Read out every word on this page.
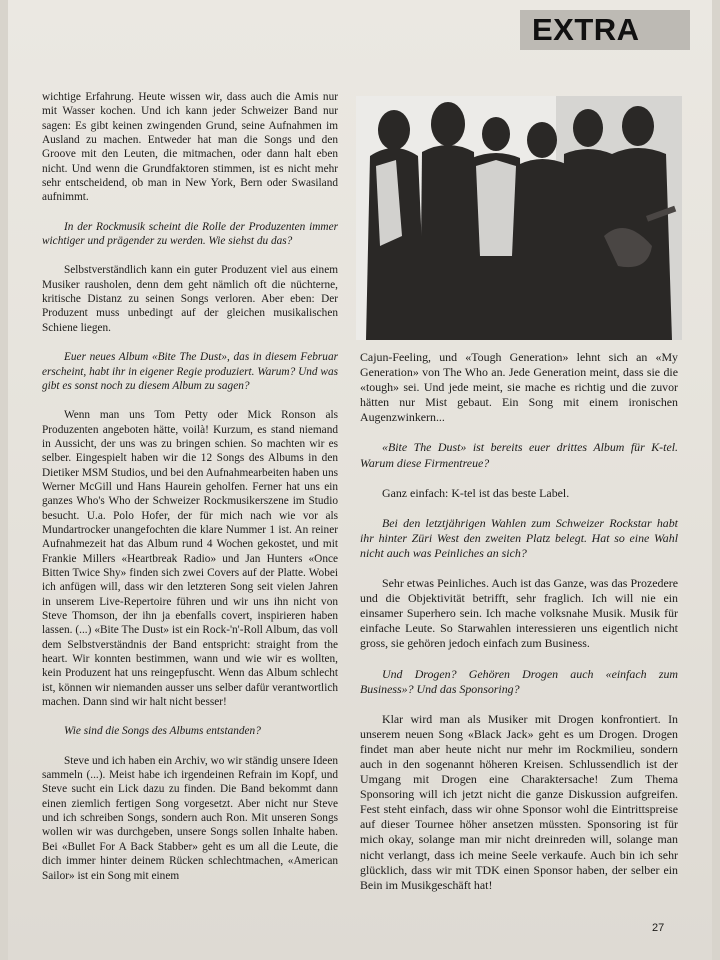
EXTRA

wichtige Erfahrung. Heute wissen wir, dass auch die Amis nur mit Wasser kochen. Und ich kann jeder Schweizer Band nur sagen: Es gibt keinen zwingenden Grund, seine Aufnahmen im Ausland zu machen. Entweder hat man die Songs und den Groove mit den Leuten, die mitmachen, oder dann halt eben nicht. Und wenn die Grundfaktoren stimmen, ist es nicht mehr sehr entscheidend, ob man in New York, Bern oder Swasiland aufnimmt.

In der Rockmusik scheint die Rolle der Produzenten immer wichtiger und prägender zu werden. Wie siehst du das?

Selbstverständlich kann ein guter Produzent viel aus einem Musiker rausholen, denn dem geht nämlich oft die nüchterne, kritische Distanz zu seinen Songs verloren. Aber eben: Der Produzent muss unbedingt auf der gleichen musikalischen Schiene liegen.

Euer neues Album «Bite The Dust», das in diesem Februar erscheint, habt ihr in eigener Regie produziert. Warum? Und was gibt es sonst noch zu diesem Album zu sagen?

Wenn man uns Tom Petty oder Mick Ronson als Produzenten angeboten hätte, voilà! Kurzum, es stand niemand in Aussicht, der uns was zu bringen schien. So machten wir es selber. Eingespielt haben wir die 12 Songs des Albums in den Dietiker MSM Studios, und bei den Aufnahmearbeiten haben uns Werner McGill und Hans Haurein geholfen. Ferner hat uns ein ganzes Who's Who der Schweizer Rockmusikerszene im Studio besucht. U.a. Polo Hofer, der für mich nach wie vor als Mundartrocker unangefochten die klare Nummer 1 ist. An reiner Aufnahmezeit hat das Album rund 4 Wochen gekostet, und mit Frankie Millers «Heartbreak Radio» und Jan Hunters «Once Bitten Twice Shy» finden sich zwei Covers auf der Platte. Wobei ich anfügen will, dass wir den letzteren Song seit vielen Jahren in unserem Live-Repertoire führen und wir uns ihn nicht von Steve Thomson, der ihn ja ebenfalls covert, inspirieren haben lassen. (...) «Bite The Dust» ist ein Rock-'n'-Roll Album, das voll dem Selbstverständnis der Band entspricht: straight from the heart. Wir konnten bestimmen, wann und wie wir es wollten, kein Produzent hat uns reingepfuscht. Wenn das Album schlecht ist, können wir niemanden ausser uns selber dafür verantwortlich machen. Dann sind wir halt nicht besser!

Wie sind die Songs des Albums entstanden?

Steve und ich haben ein Archiv, wo wir ständig unsere Ideen sammeln (...). Meist habe ich irgendeinen Refrain im Kopf, und Steve sucht ein Lick dazu zu finden. Die Band bekommt dann einen ziemlich fertigen Song vorgesetzt. Aber nicht nur Steve und ich schreiben Songs, sondern auch Ron. Mit unseren Songs wollen wir was durchgeben, unsere Songs sollen Inhalte haben. Bei «Bullet For A Back Stabber» geht es um all die Leute, die dich immer hinter deinem Rücken schlechtmachen, «American Sailor» ist ein Song mit einem

Cajun-Feeling, und «Tough Generation» lehnt sich an «My Generation» von The Who an. Jede Generation meint, dass sie die «tough» sei. Und jede meint, sie mache es richtig und die zuvor hätten nur Mist gebaut. Ein Song mit einem ironischen Augenzwinkern...

«Bite The Dust» ist bereits euer drittes Album für K-tel. Warum diese Firmentreue?

Ganz einfach: K-tel ist das beste Label.

Bei den letztjährigen Wahlen zum Schweizer Rockstar habt ihr hinter Züri West den zweiten Platz belegt. Hat so eine Wahl nicht auch was Peinliches an sich?

Sehr etwas Peinliches. Auch ist das Ganze, was das Prozedere und die Objektivität betrifft, sehr fraglich. Ich will nie ein einsamer Superhero sein. Ich mache volksnahe Musik. Musik für einfache Leute. So Starwahlen interessieren uns eigentlich nicht gross, sie gehören jedoch einfach zum Business.

Und Drogen? Gehören Drogen auch «einfach zum Business»? Und das Sponsoring?

Klar wird man als Musiker mit Drogen konfrontiert. In unserem neuen Song «Black Jack» geht es um Drogen. Drogen findet man aber heute nicht nur mehr im Rockmilieu, sondern auch in den sogenannt höheren Kreisen. Schlussendlich ist der Umgang mit Drogen eine Charaktersache! Zum Thema Sponsoring will ich jetzt nicht die ganze Diskussion aufgreifen. Fest steht einfach, dass wir ohne Sponsor wohl die Eintrittspreise auf dieser Tournee höher ansetzen müssten. Sponsoring ist für mich okay, solange man mir nicht dreinreden will, solange man nicht verlangt, dass ich meine Seele verkaufe. Auch bin ich sehr glücklich, dass wir mit TDK einen Sponsor haben, der selber ein Bein im Musikgeschäft hat!

27
